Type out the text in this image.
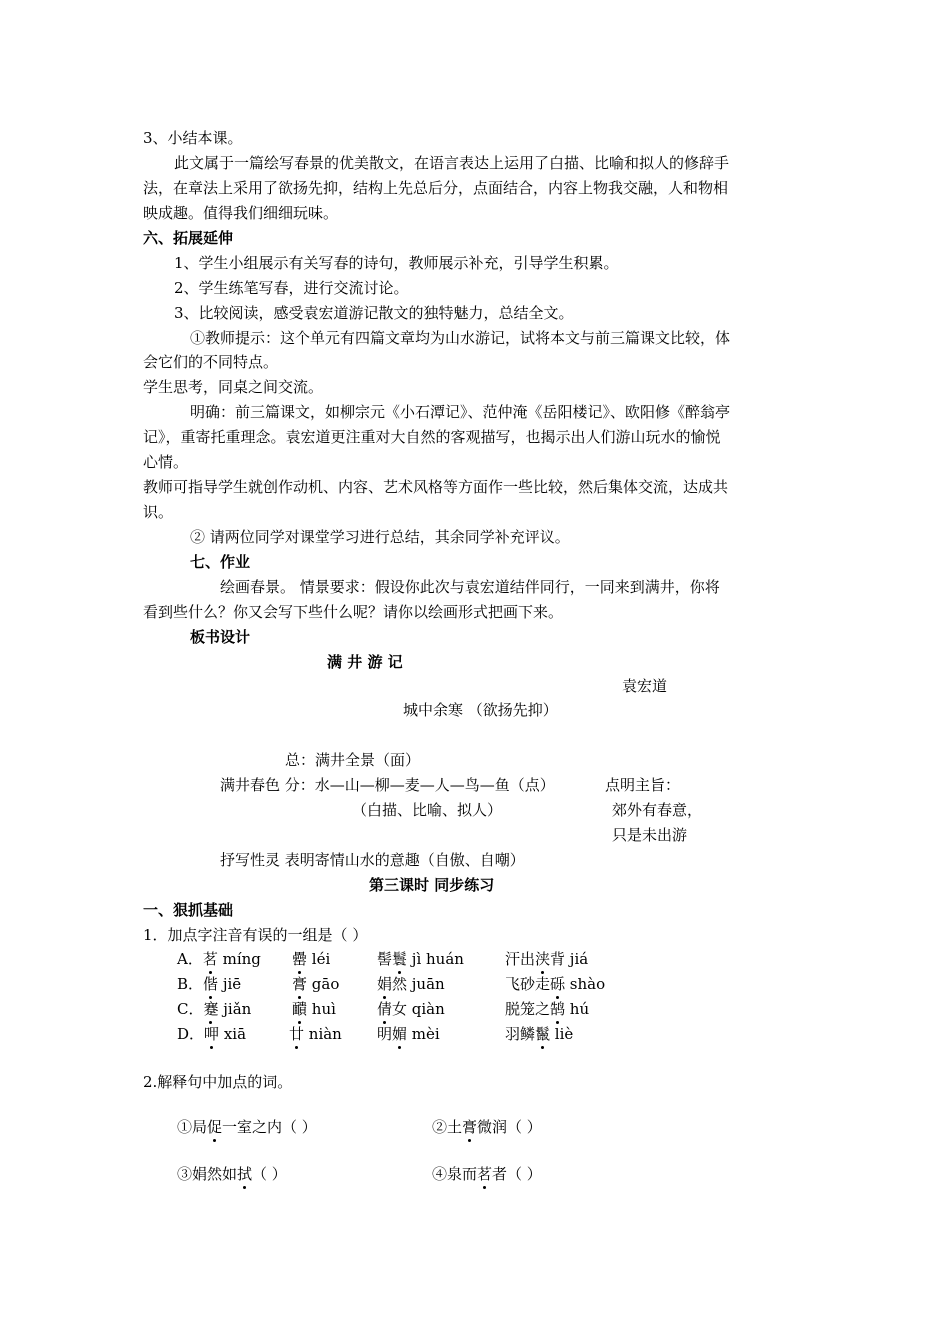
3、小结本课。
此文属于一篇绘写春景的优美散文，在语言表达上运用了白描、比喻和拟人的修辞手
法，在章法上采用了欲扬先抑，结构上先总后分，点面结合，内容上物我交融，人和物相
映成趣。值得我们细细玩味。
六、拓展延伸
1、学生小组展示有关写春的诗句，教师展示补充，引导学生积累。
2、学生练笔写春，进行交流讨论。
3、比较阅读，感受袁宏道游记散文的独特魅力，总结全文。
①教师提示：这个单元有四篇文章均为山水游记，试将本文与前三篇课文比较，体
会它们的不同特点。
学生思考，同桌之间交流。
明确：前三篇课文，如柳宗元《小石潭记》、范仲淹《岳阳楼记》、欧阳修《醉翁亭
记》，重寄托重理念。袁宏道更注重对大自然的客观描写，也揭示出人们游山玩水的愉悦
心情。
教师可指导学生就创作动机、内容、艺术风格等方面作一些比较，然后集体交流，达成共
识。
② 请两位同学对课堂学习进行总结，其余同学补充评议。
七、作业
绘画春景。 情景要求：假设你此次与袁宏道结伴同行，一同来到满井，你将
看到些什么？你又会写下些什么呢？请你以绘画形式把画下来。
板书设计
满 井 游 记
袁宏道
城中余寒 （欲扬先抑）
总：满井全景（面）
满井春色 分：水—山—柳—麦—人—鸟—鱼（点）	点明主旨：
（白描、比喻、拟人）	郊外有春意，
只是未出游
抒写性灵 表明寄情山水的意趣（自傲、自嘲）
第三课时 同步练习
一、狠抓基础
1．加点字注音有误的一组是（ ）
A．茗 míng 罍 léi	髻鬟 jì huán	汗出浃背 jiá
B．偕 jiē	膏 gāo	娟然 juān	飞砂走砾 shào
C．蹇 jiǎn	靧 huì	倩女 qiàn	脱笼之鹄 hú
D．呷 xiā	廿 niàn 明媚 mèi	羽鳞鬣 liè
2.解释句中加点的词。
①局促一室之内（ ）	②土膏微润（ ）
③娟然如拭（ ）	④泉而茗者（ ）
